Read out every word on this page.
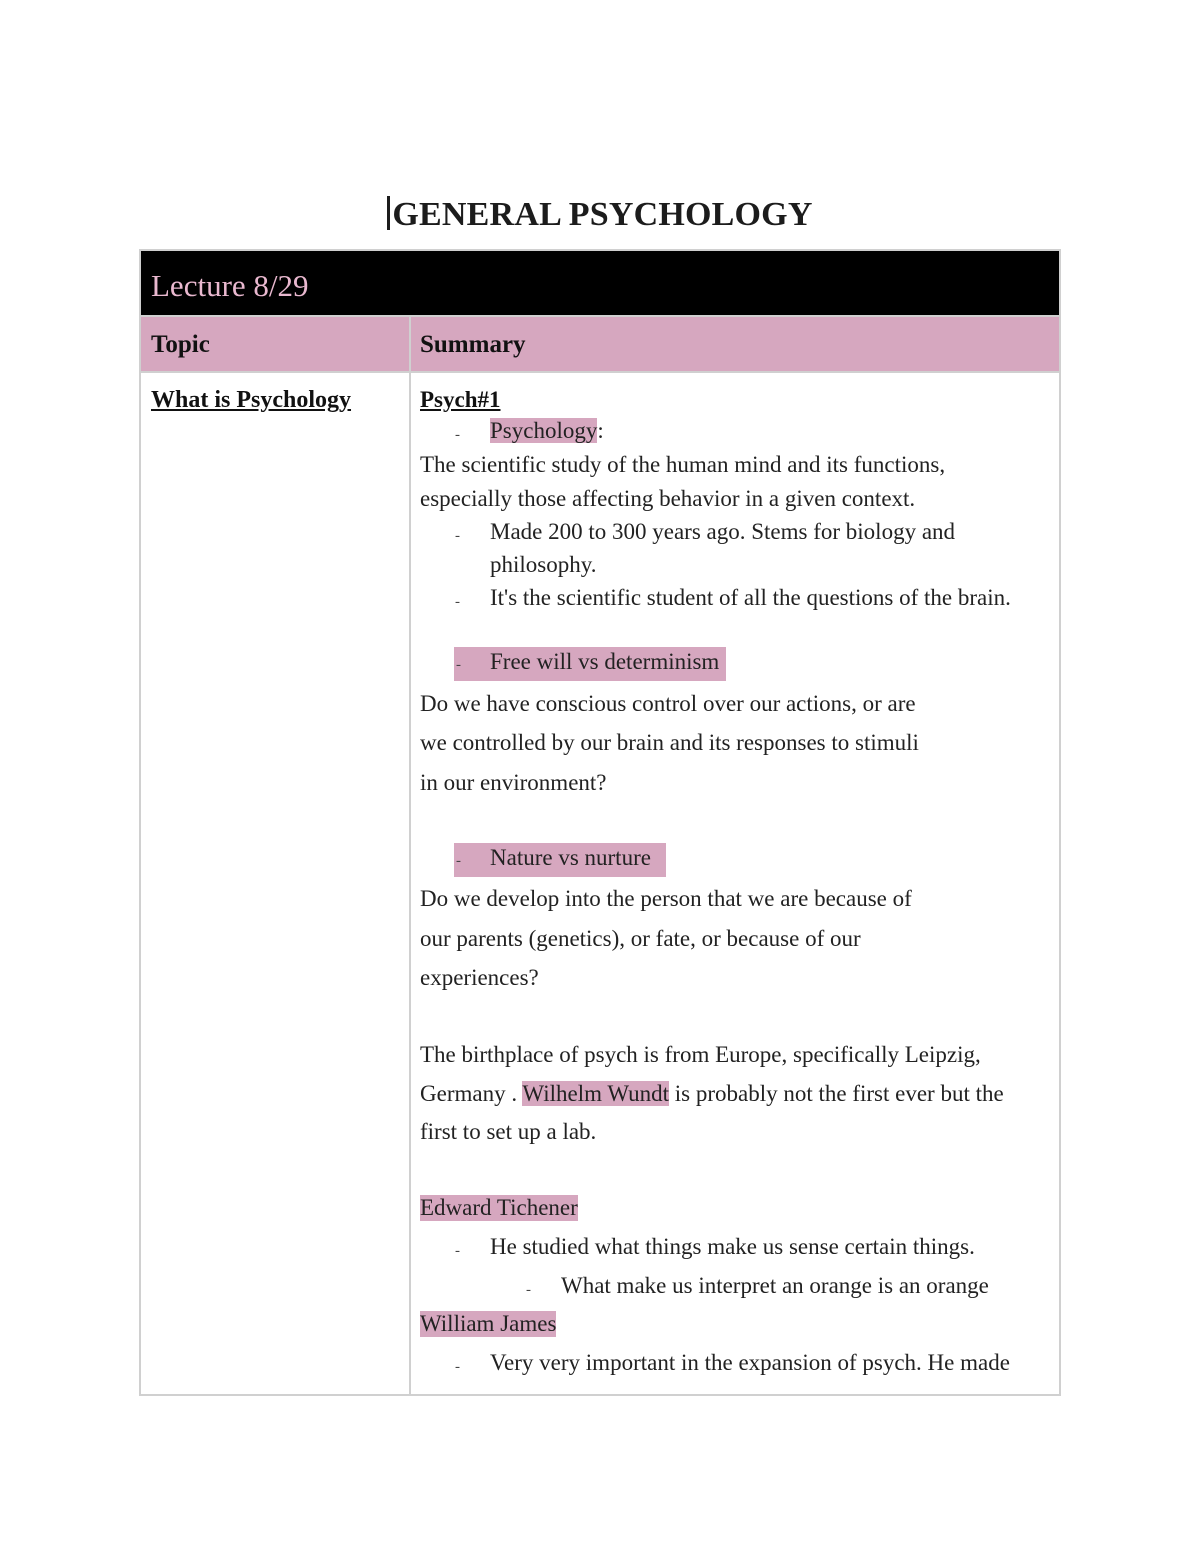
GENERAL PSYCHOLOGY
Lecture 8/29
Topic	Summary
What is Psychology	Psych#1
- Psychology:
The scientific study of the human mind and its functions,
especially those affecting behavior in a given context.
- Made 200 to 300 years ago. Stems for biology and
philosophy.
- It's the scientific student of all the questions of the brain.
- Free will vs determinism
Do we have conscious control over our actions, or are
we controlled by our brain and its responses to stimuli
in our environment?
- Nature vs nurture
Do we develop into the person that we are because of
our parents (genetics), or fate, or because of our
experiences?
The birthplace of psych is from Europe, specifically Leipzig,
Germany . Wilhelm Wundt is probably not the first ever but the
first to set up a lab.
Edward Tichener
- He studied what things make us sense certain things.
- What make us interpret an orange is an orange
William James
- Very very important in the expansion of psych. He made
